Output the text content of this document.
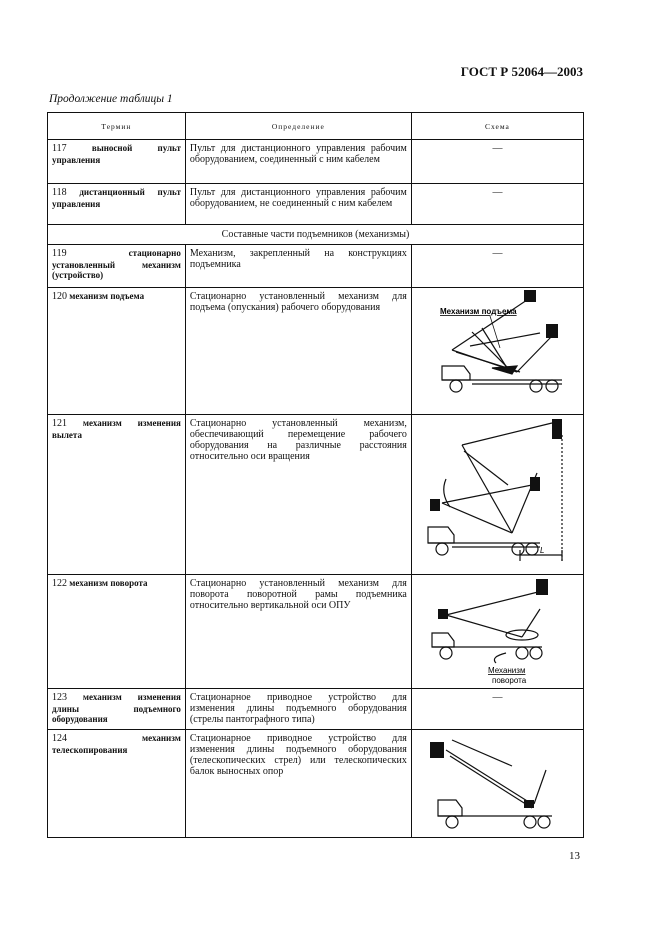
ГОСТ Р 52064—2003
Продолжение таблицы 1
Термин	Определение	Схема
117 выносной пульт управления	Пульт для дистанционного управления рабочим оборудованием, соединенный с ним кабелем	—
118 дистанционный пульт управления	Пульт для дистанционного управления рабочим оборудованием, не соединенный с ним кабелем	—
Составные части подъемников (механизмы)		
119 стационарно установленный механизм (устройство)	Механизм, закрепленный на конструкциях подъемника	—
120 механизм подъема	Стационарно установленный механизм для подъема (опускания) рабочего оборудования	Механизм подъема

121 механизм изменения вылета	Стационарно установленный механизм, обеспечивающий перемещение рабочего оборудования на различные расстояния относительно оси вращения	L

122 механизм поворота	Стационарно установленный механизм для поворота поворотной рамы подъемника относительно вертикальной оси ОПУ	Механизм
поворота

123 механизм изменения длины подъемного оборудования	Стационарное приводное устройство для изменения длины подъемного оборудования (стрелы пантографного типа)	—
124 механизм телескопирования	Стационарное приводное устройство для изменения длины подъемного оборудования (телескопических стрел) или телескопических балок выносных опор	
13
